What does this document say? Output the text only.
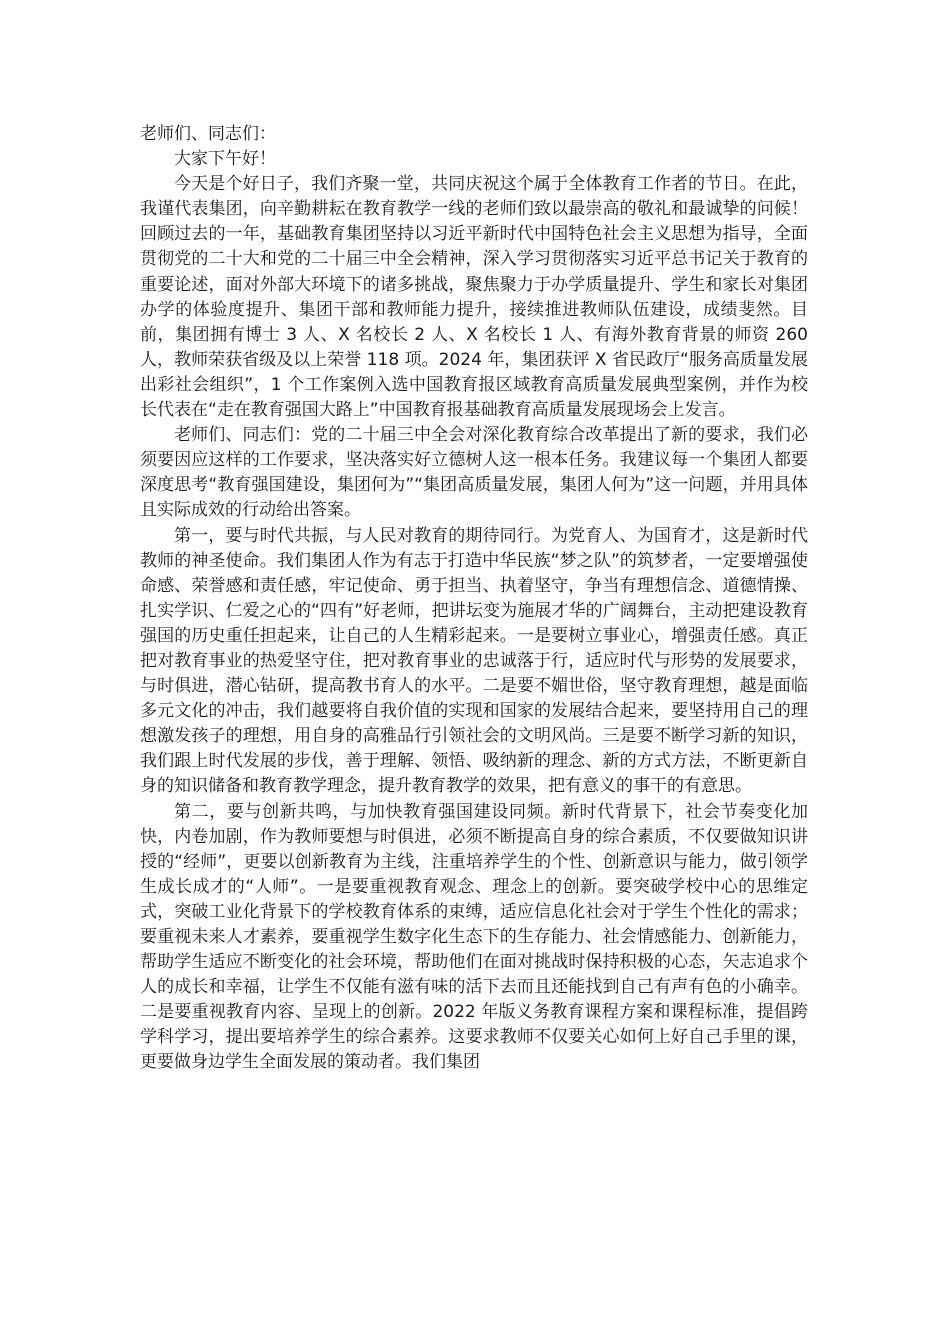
老师们、同志们：

大家下午好！

今天是个好日子，我们齐聚一堂，共同庆祝这个属于全体教育工作者的节日。在此，我谨代表集团，向辛勤耕耘在教育教学一线的老师们致以最崇高的敬礼和最诚挚的问候！回顾过去的一年，基础教育集团坚持以习近平新时代中国特色社会主义思想为指导，全面贯彻党的二十大和党的二十届三中全会精神，深入学习贯彻落实习近平总书记关于教育的重要论述，面对外部大环境下的诸多挑战，聚焦聚力于办学质量提升、学生和家长对集团办学的体验度提升、集团干部和教师能力提升，接续推进教师队伍建设，成绩斐然。目前，集团拥有博士 3 人、X 名校长 2 人、X 名校长 1 人、有海外教育背景的师资 260 人，教师荣获省级及以上荣誉 118 项。2024 年，集团获评 X 省民政厅“服务高质量发展出彩社会组织”，1 个工作案例入选中国教育报区域教育高质量发展典型案例，并作为校长代表在“走在教育强国大路上”中国教育报基础教育高质量发展现场会上发言。

老师们、同志们：党的二十届三中全会对深化教育综合改革提出了新的要求，我们必须要因应这样的工作要求，坚决落实好立德树人这一根本任务。我建议每一个集团人都要深度思考“教育强国建设，集团何为”“集团高质量发展，集团人何为”这一问题，并用具体且实际成效的行动给出答案。

第一，要与时代共振，与人民对教育的期待同行。为党育人、为国育才，这是新时代教师的神圣使命。我们集团人作为有志于打造中华民族“梦之队”的筑梦者，一定要增强使命感、荣誉感和责任感，牢记使命、勇于担当、执着坚守，争当有理想信念、道德情操、扎实学识、仁爱之心的“四有”好老师，把讲坛变为施展才华的广阔舞台，主动把建设教育强国的历史重任担起来，让自己的人生精彩起来。一是要树立事业心，增强责任感。真正把对教育事业的热爱坚守住，把对教育事业的忠诚落于行，适应时代与形势的发展要求，与时俱进，潜心钻研，提高教书育人的水平。二是要不媚世俗，坚守教育理想，越是面临多元文化的冲击，我们越要将自我价值的实现和国家的发展结合起来，要坚持用自己的理想激发孩子的理想，用自身的高雅品行引领社会的文明风尚。三是要不断学习新的知识，我们跟上时代发展的步伐，善于理解、领悟、吸纳新的理念、新的方式方法，不断更新自身的知识储备和教育教学理念，提升教育教学的效果，把有意义的事干的有意思。

第二，要与创新共鸣，与加快教育强国建设同频。新时代背景下，社会节奏变化加快，内卷加剧，作为教师要想与时俱进，必须不断提高自身的综合素质，不仅要做知识讲授的“经师”，更要以创新教育为主线，注重培养学生的个性、创新意识与能力，做引领学生成长成才的“人师”。一是要重视教育观念、理念上的创新。要突破学校中心的思维定式，突破工业化背景下的学校教育体系的束缚，适应信息化社会对于学生个性化的需求；要重视未来人才素养，要重视学生数字化生态下的生存能力、社会情感能力、创新能力，帮助学生适应不断变化的社会环境，帮助他们在面对挑战时保持积极的心态，矢志追求个人的成长和幸福，让学生不仅能有滋有味的活下去而且还能找到自己有声有色的小确幸。二是要重视教育内容、呈现上的创新。2022 年版义务教育课程方案和课程标准，提倡跨学科学习，提出要培养学生的综合素养。这要求教师不仅要关心如何上好自己手里的课，更要做身边学生全面发展的策动者。我们集团
